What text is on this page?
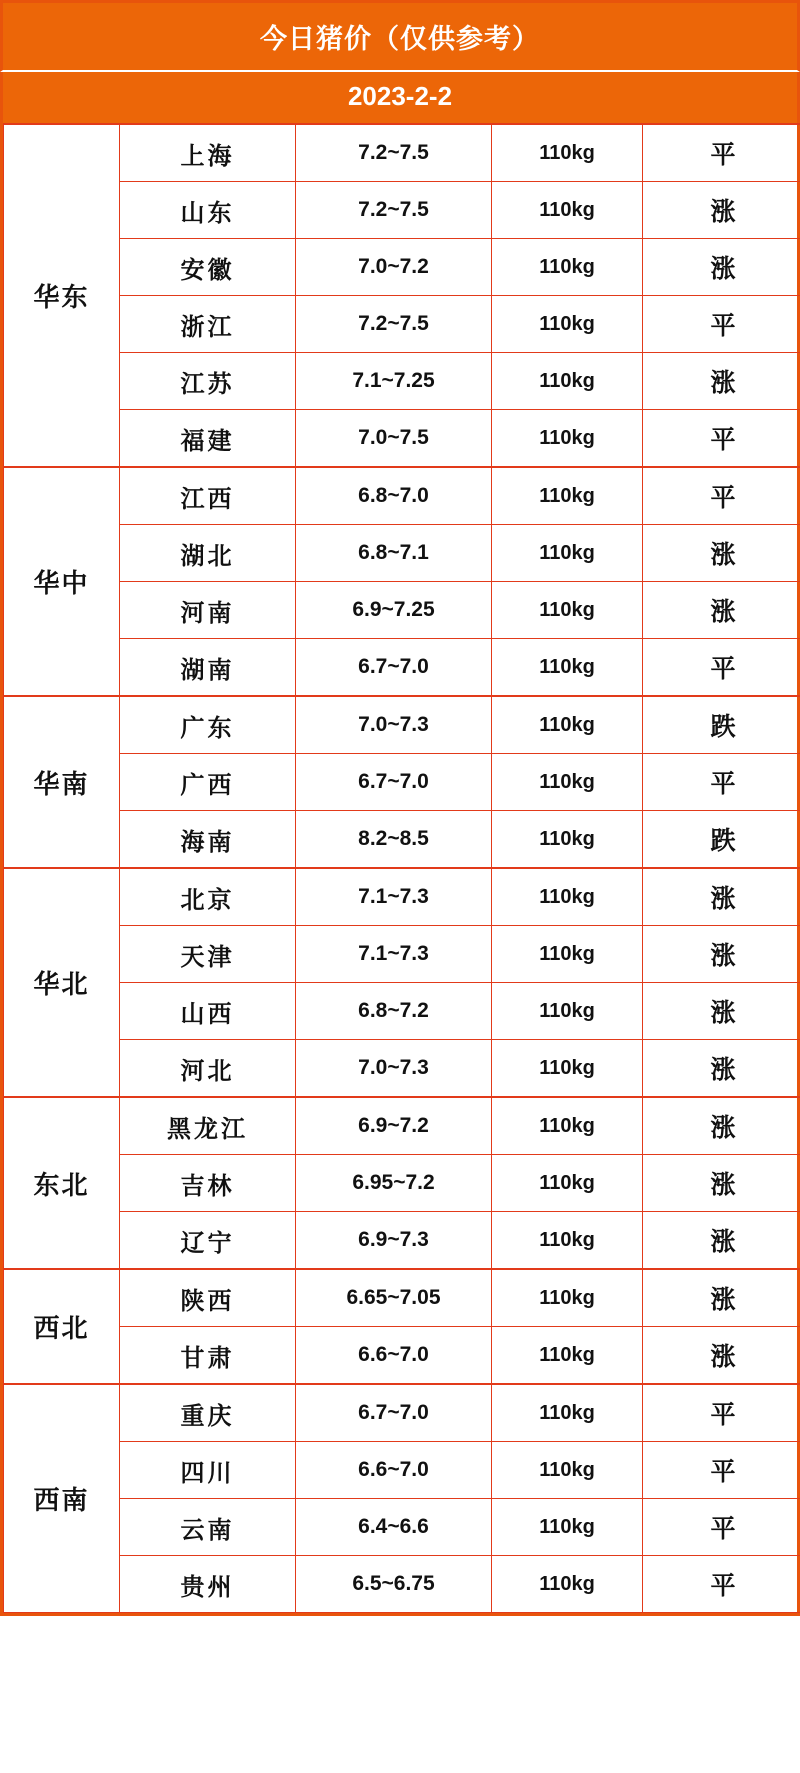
今日猪价（仅供参考）
2023-2-2
华东	上海	7.2~7.5	110kg	平
	山东	7.2~7.5	110kg	涨
	安徽	7.0~7.2	110kg	涨
	浙江	7.2~7.5	110kg	平
	江苏	7.1~7.25	110kg	涨
	福建	7.0~7.5	110kg	平
华中	江西	6.8~7.0	110kg	平
	湖北	6.8~7.1	110kg	涨
	河南	6.9~7.25	110kg	涨
	湖南	6.7~7.0	110kg	平
华南	广东	7.0~7.3	110kg	跌
	广西	6.7~7.0	110kg	平
	海南	8.2~8.5	110kg	跌
华北	北京	7.1~7.3	110kg	涨
	天津	7.1~7.3	110kg	涨
	山西	6.8~7.2	110kg	涨
	河北	7.0~7.3	110kg	涨
东北	黑龙江	6.9~7.2	110kg	涨
	吉林	6.95~7.2	110kg	涨
	辽宁	6.9~7.3	110kg	涨
西北	陕西	6.65~7.05	110kg	涨
	甘肃	6.6~7.0	110kg	涨
西南	重庆	6.7~7.0	110kg	平
	四川	6.6~7.0	110kg	平
	云南	6.4~6.6	110kg	平
	贵州	6.5~6.75	110kg	平
